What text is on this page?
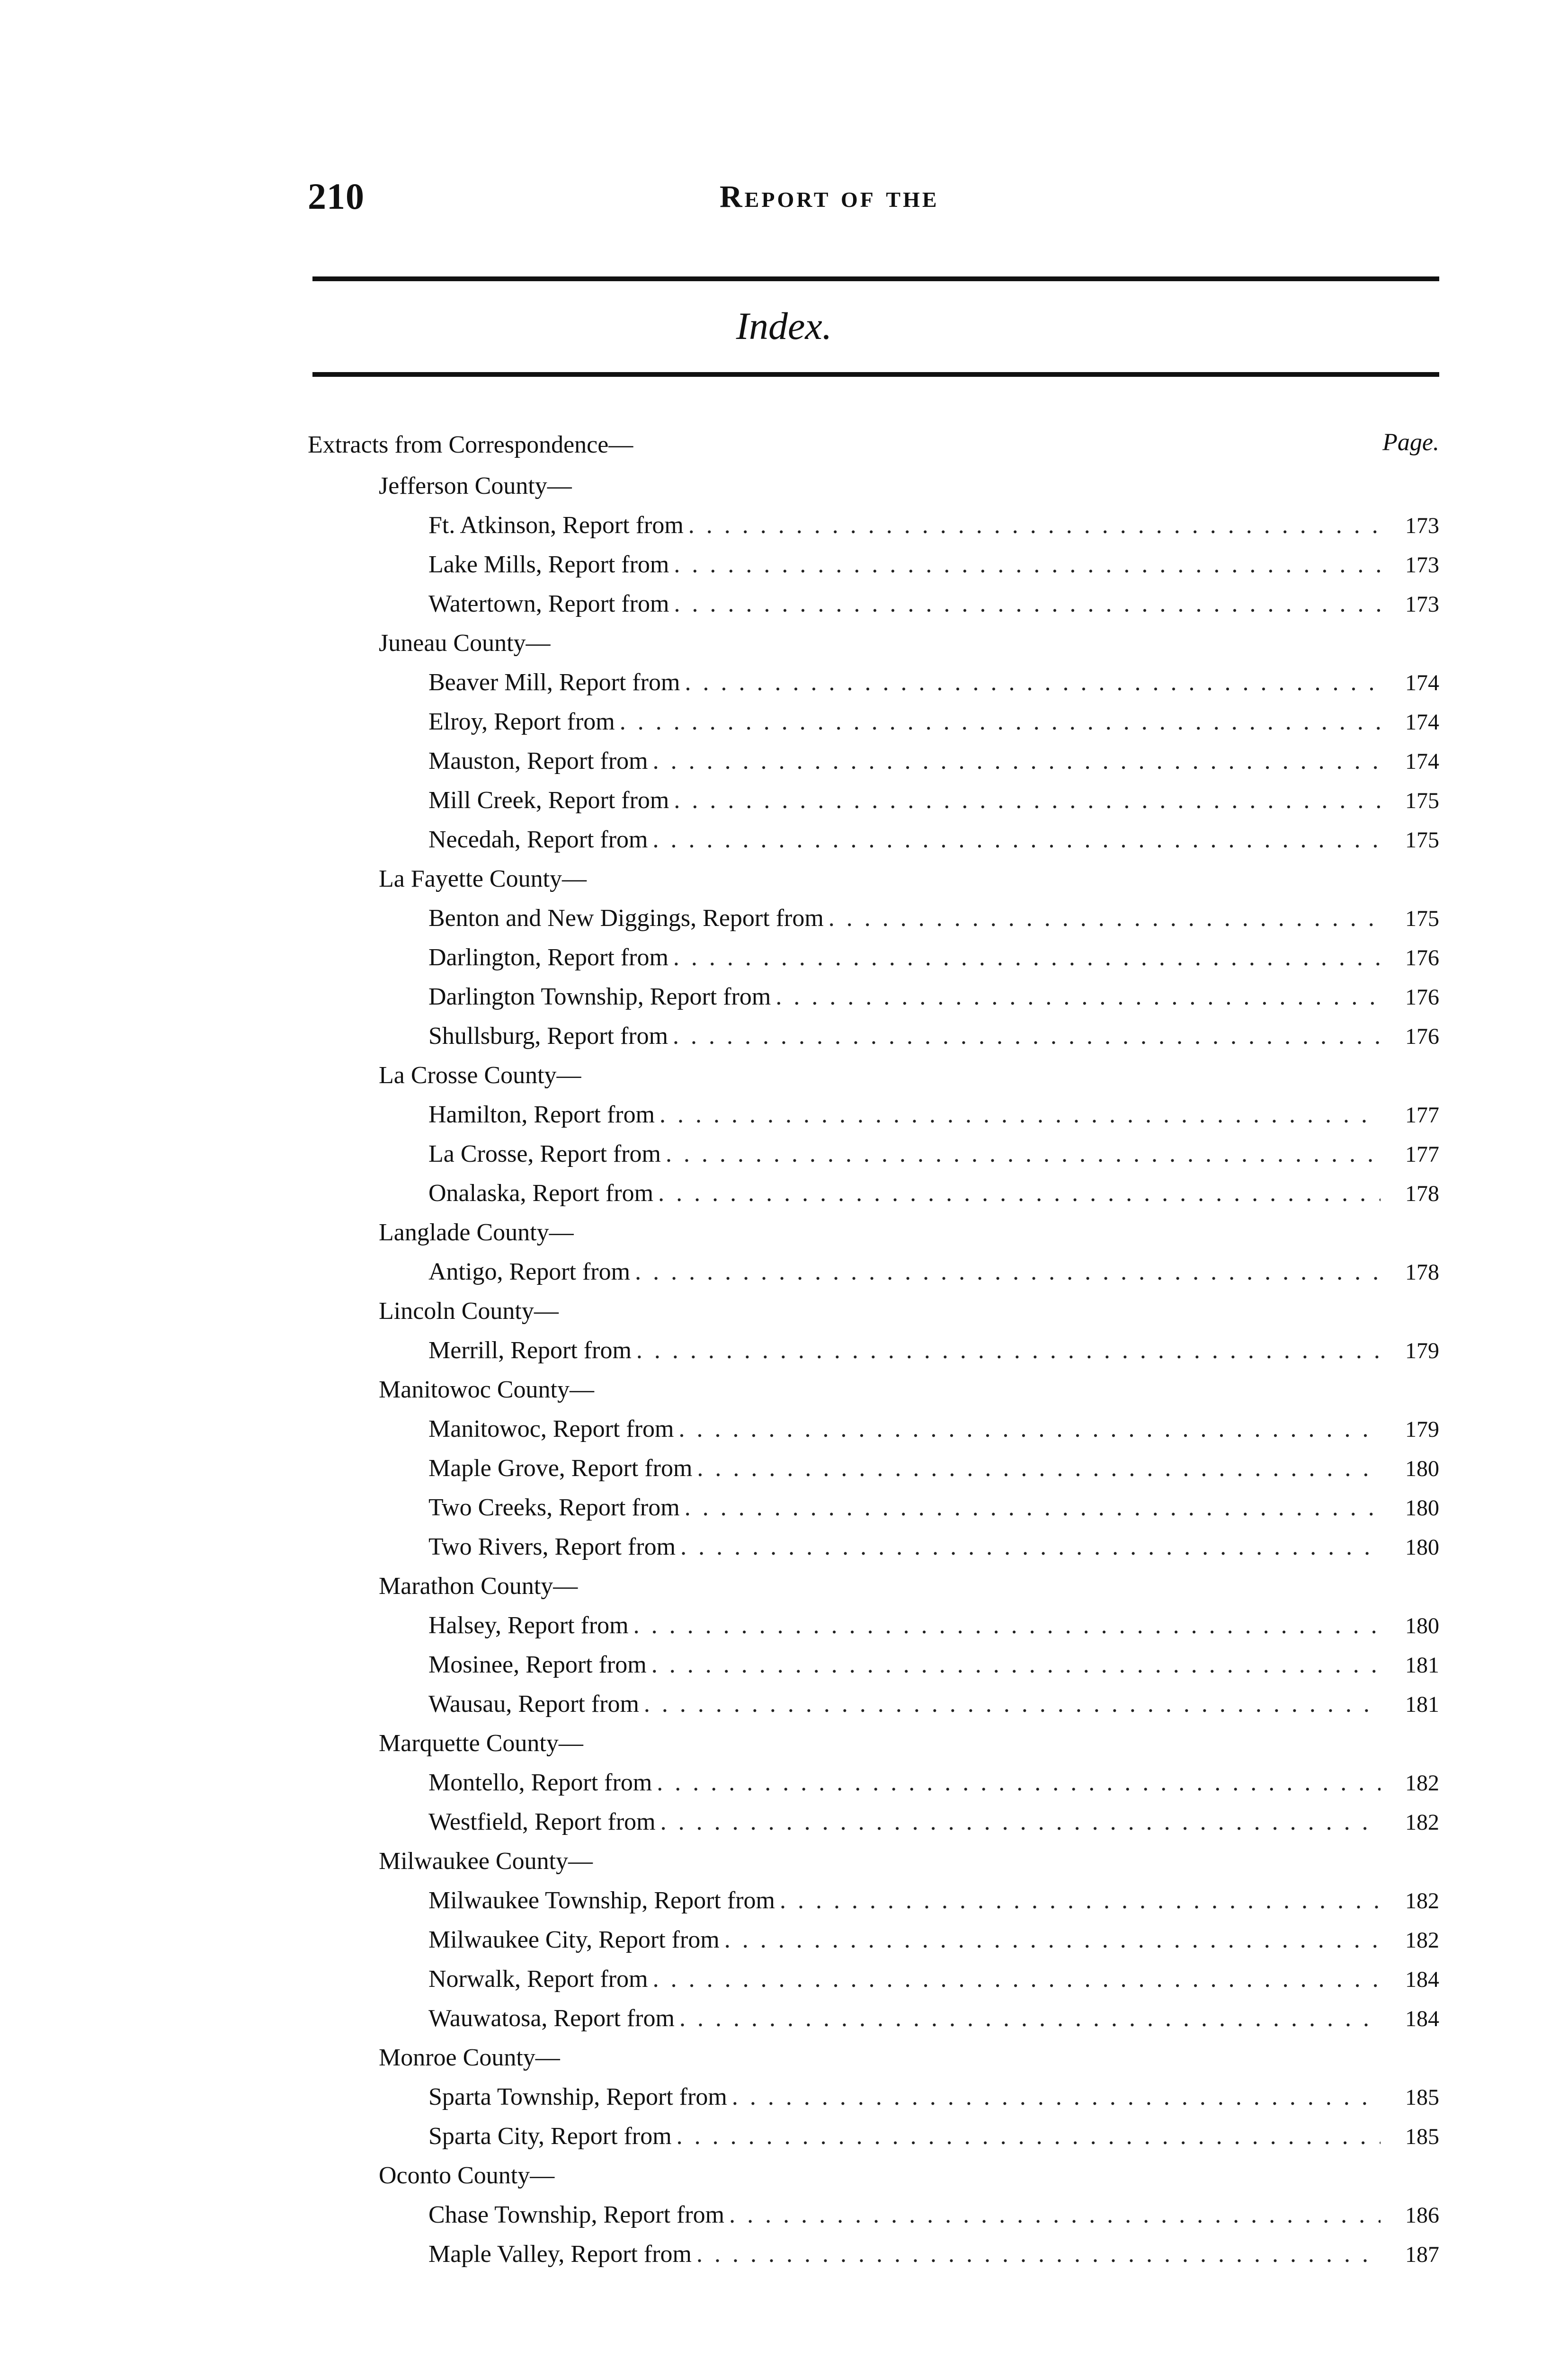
210	Report of the
Index.
Extracts from Correspondence—	Page.
Jefferson County—
Ft. Atkinson, Report from . . .	173
Lake Mills, Report from . . .	173
Watertown, Report from . . .	173
Juneau County—
Beaver Mill, Report from . . .	174
Elroy, Report from . . .	174
Mauston, Report from . . .	174
Mill Creek, Report from . . .	175
Necedah, Report from . . .	175
La Fayette County—
Benton and New Diggings, Report from . . .	175
Darlington, Report from . . .	176
Darlington Township, Report from . . .	176
Shullsburg, Report from . . .	176
La Crosse County—
Hamilton, Report from . . .	177
La Crosse, Report from . . .	177
Onalaska, Report from . . .	178
Langlade County—
Antigo, Report from . . .	178
Lincoln County—
Merrill, Report from . . .	179
Manitowoc County—
Manitowoc, Report from . . .	179
Maple Grove, Report from . . .	180
Two Creeks, Report from . . .	180
Two Rivers, Report from . . .	180
Marathon County—
Halsey, Report from . . .	180
Mosinee, Report from . . .	181
Wausau, Report from . . .	181
Marquette County—
Montello, Report from . . .	182
Westfield, Report from . . .	182
Milwaukee County—
Milwaukee Township, Report from . . .	182
Milwaukee City, Report from . . .	182
Norwalk, Report from . . .	184
Wauwatosa, Report from . . .	184
Monroe County—
Sparta Township, Report from . . .	185
Sparta City, Report from . . .	185
Oconto County—
Chase Township, Report from . . .	186
Maple Valley, Report from . . .	187
